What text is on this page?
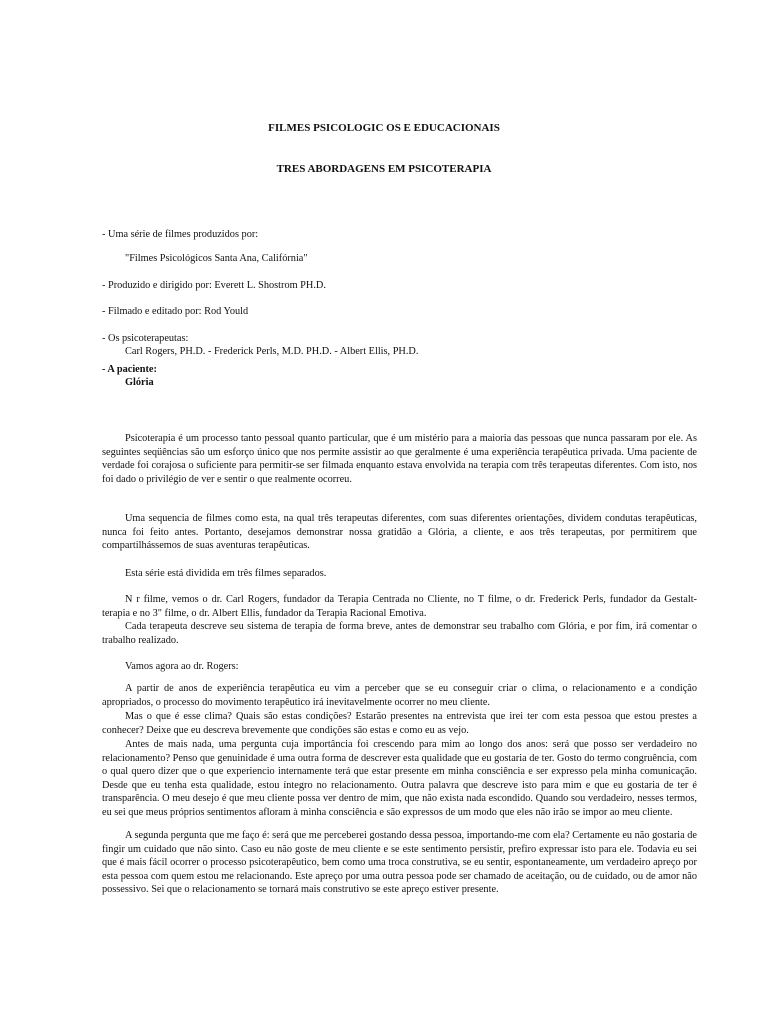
FILMES PSICOLOGIC OS E EDUCACIONAIS
TRES ABORDAGENS EM PSICOTERAPIA
- Uma série de filmes produzidos por:
"Filmes Psicológicos Santa Ana, Califórnia"
- Produzido e dirigido por: Everett L. Shostrom PH.D.
- Filmado e editado por: Rod Yould
- Os psicoterapeutas:
Carl Rogers, PH.D. - Frederick Perls, M.D. PH.D. - Albert Ellis, PH.D.
- A paciente:
Glória
Psicoterapia é um processo tanto pessoal quanto particular, que é um mistério para a maioria das pessoas que nunca passaram por ele. As seguintes seqüências são um esforço único que nos permite assistir ao que geralmente é uma experiência terapêutica privada. Uma paciente de verdade foi corajosa o suficiente para permitir-se ser filmada enquanto estava envolvida na terapia com três terapeutas diferentes. Com isto, nos foi dado o privilégio de ver e sentir o que realmente ocorreu.
Uma sequencia de filmes como esta, na qual três terapeutas diferentes, com suas diferentes orientações, dividem condutas terapêuticas, nunca foi feito antes. Portanto, desejamos demonstrar nossa gratidão a Glória, a cliente, e aos três terapeutas, por permitirem que compartilhássemos de suas aventuras terapêuticas.
Esta série está dividida em três filmes separados.
N r filme, vemos o dr. Carl Rogers, fundador da Terapia Centrada no Cliente, no T filme, o dr. Frederick Perls, fundador da Gestalt- terapia e no 3" filme, o dr. Albert Ellis, fundador da Terapia Racional Emotiva.
Cada terapeuta descreve seu sistema de terapia de forma breve, antes de demonstrar seu trabalho com Glória, e por fim, irá comentar o trabalho realizado.
Vamos agora ao dr. Rogers:
A partir de anos de experiência terapêutica eu vim a perceber que se eu conseguir criar o clima, o relacionamento e a condição apropriados, o processo do movimento terapêutico irá inevitavelmente ocorrer no meu cliente.
Mas o que é esse clima? Quais são estas condições? Estarão presentes na entrevista que irei ter com esta pessoa que estou prestes a conhecer? Deixe que eu descreva brevemente que condições são estas e como eu as vejo.
Antes de mais nada, uma pergunta cuja importância foi crescendo para mim ao longo dos anos: será que posso ser verdadeiro no relacionamento? Penso que genuinidade é uma outra forma de descrever esta qualidade que eu gostaria de ter. Gosto do termo congruência, com o qual quero dizer que o que experiencio internamente terá que estar presente em minha consciência e ser expresso pela minha comunicação. Desde que eu tenha esta qualidade, estou íntegro no relacionamento. Outra palavra que descreve isto para mim e que eu gostaria de ter é transparência. O meu desejo é que meu cliente possa ver dentro de mim, que não exista nada escondido. Quando sou verdadeiro, nesses termos, eu sei que meus próprios sentimentos afloram à minha consciência e são expressos de um modo que eles não irão se impor ao meu cliente.
A segunda pergunta que me faço é: será que me perceberei gostando dessa pessoa, importando-me com ela? Certamente eu não gostaria de fingir um cuidado que não sinto. Caso eu não goste de meu cliente e se este sentimento persistir, prefiro expressar isto para ele. Todavia eu sei que é mais fácil ocorrer o processo psicoterapêutico, bem como uma troca construtiva, se eu sentir, espontaneamente, um verdadeiro apreço por esta pessoa com quem estou me relacionando. Este apreço por uma outra pessoa pode ser chamado de aceitação, ou de cuidado, ou de amor não possessivo. Sei que o relacionamento se tornará mais construtivo se este apreço estiver presente.
